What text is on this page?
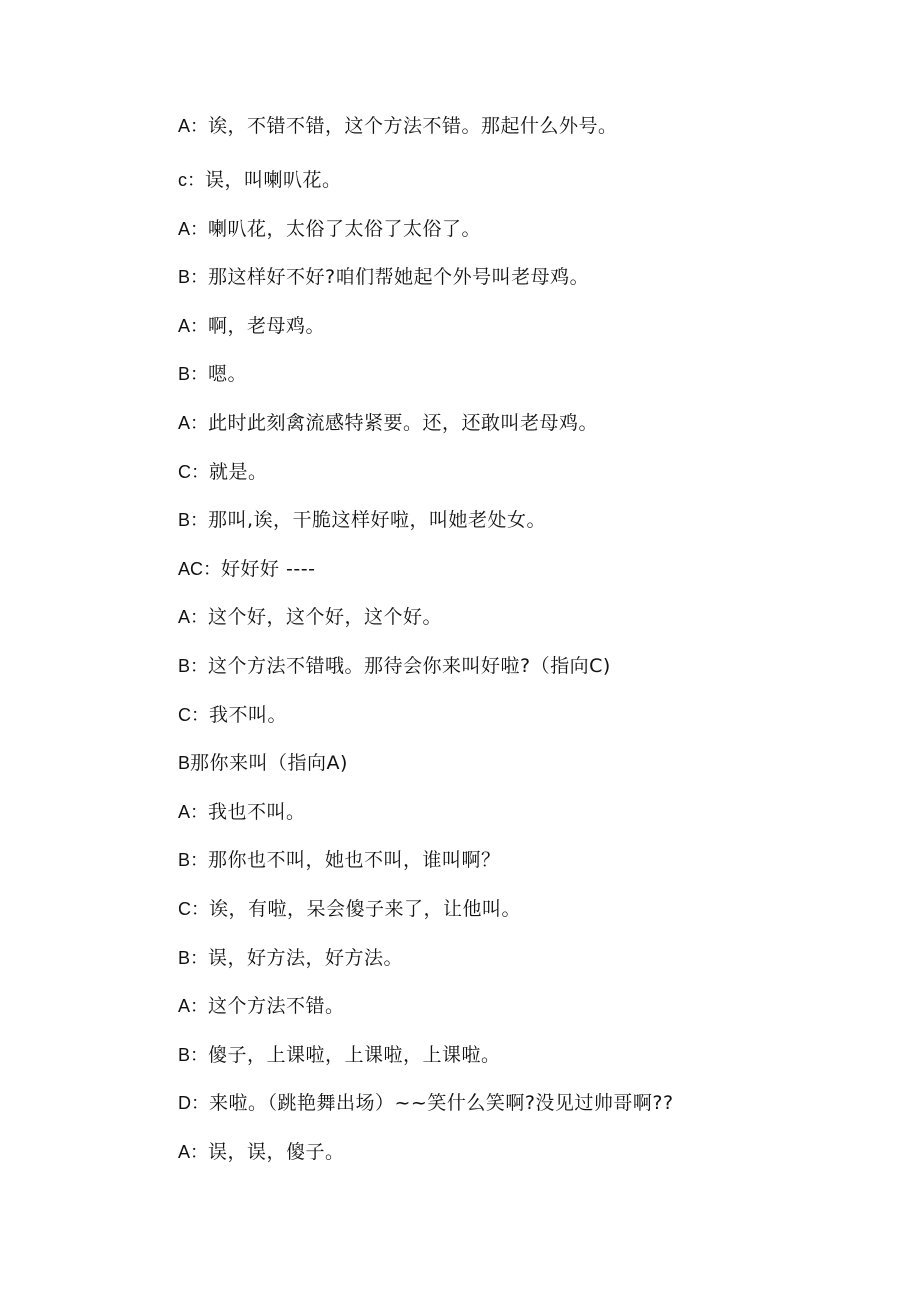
A： 诶，不错不错，这个方法不错。那起什么外号。
c： 误，叫喇叭花。
A： 喇叭花，太俗了太俗了太俗了。
B： 那这样好不好?咱们帮她起个外号叫老母鸡。
A： 啊，老母鸡。
B： 嗯。
A： 此时此刻禽流感特紧要。还，还敢叫老母鸡。
C： 就是。
B： 那叫,诶，干脆这样好啦，叫她老处女。
AC： 好好好 ----
A： 这个好，这个好，这个好。
B： 这个方法不错哦。那待会你来叫好啦?（指向C)
C： 我不叫。
B 那你来叫（指向A)
A： 我也不叫。
B： 那你也不叫，她也不叫，谁叫啊？
C： 诶，有啦，呆会傻子来了，让他叫。
B： 误，好方法，好方法。
A： 这个方法不错。
B： 傻子，上课啦，上课啦，上课啦。
D： 来啦。（跳艳舞出场）~~笑什么笑啊?没见过帅哥啊??
A： 误，误，傻子。
